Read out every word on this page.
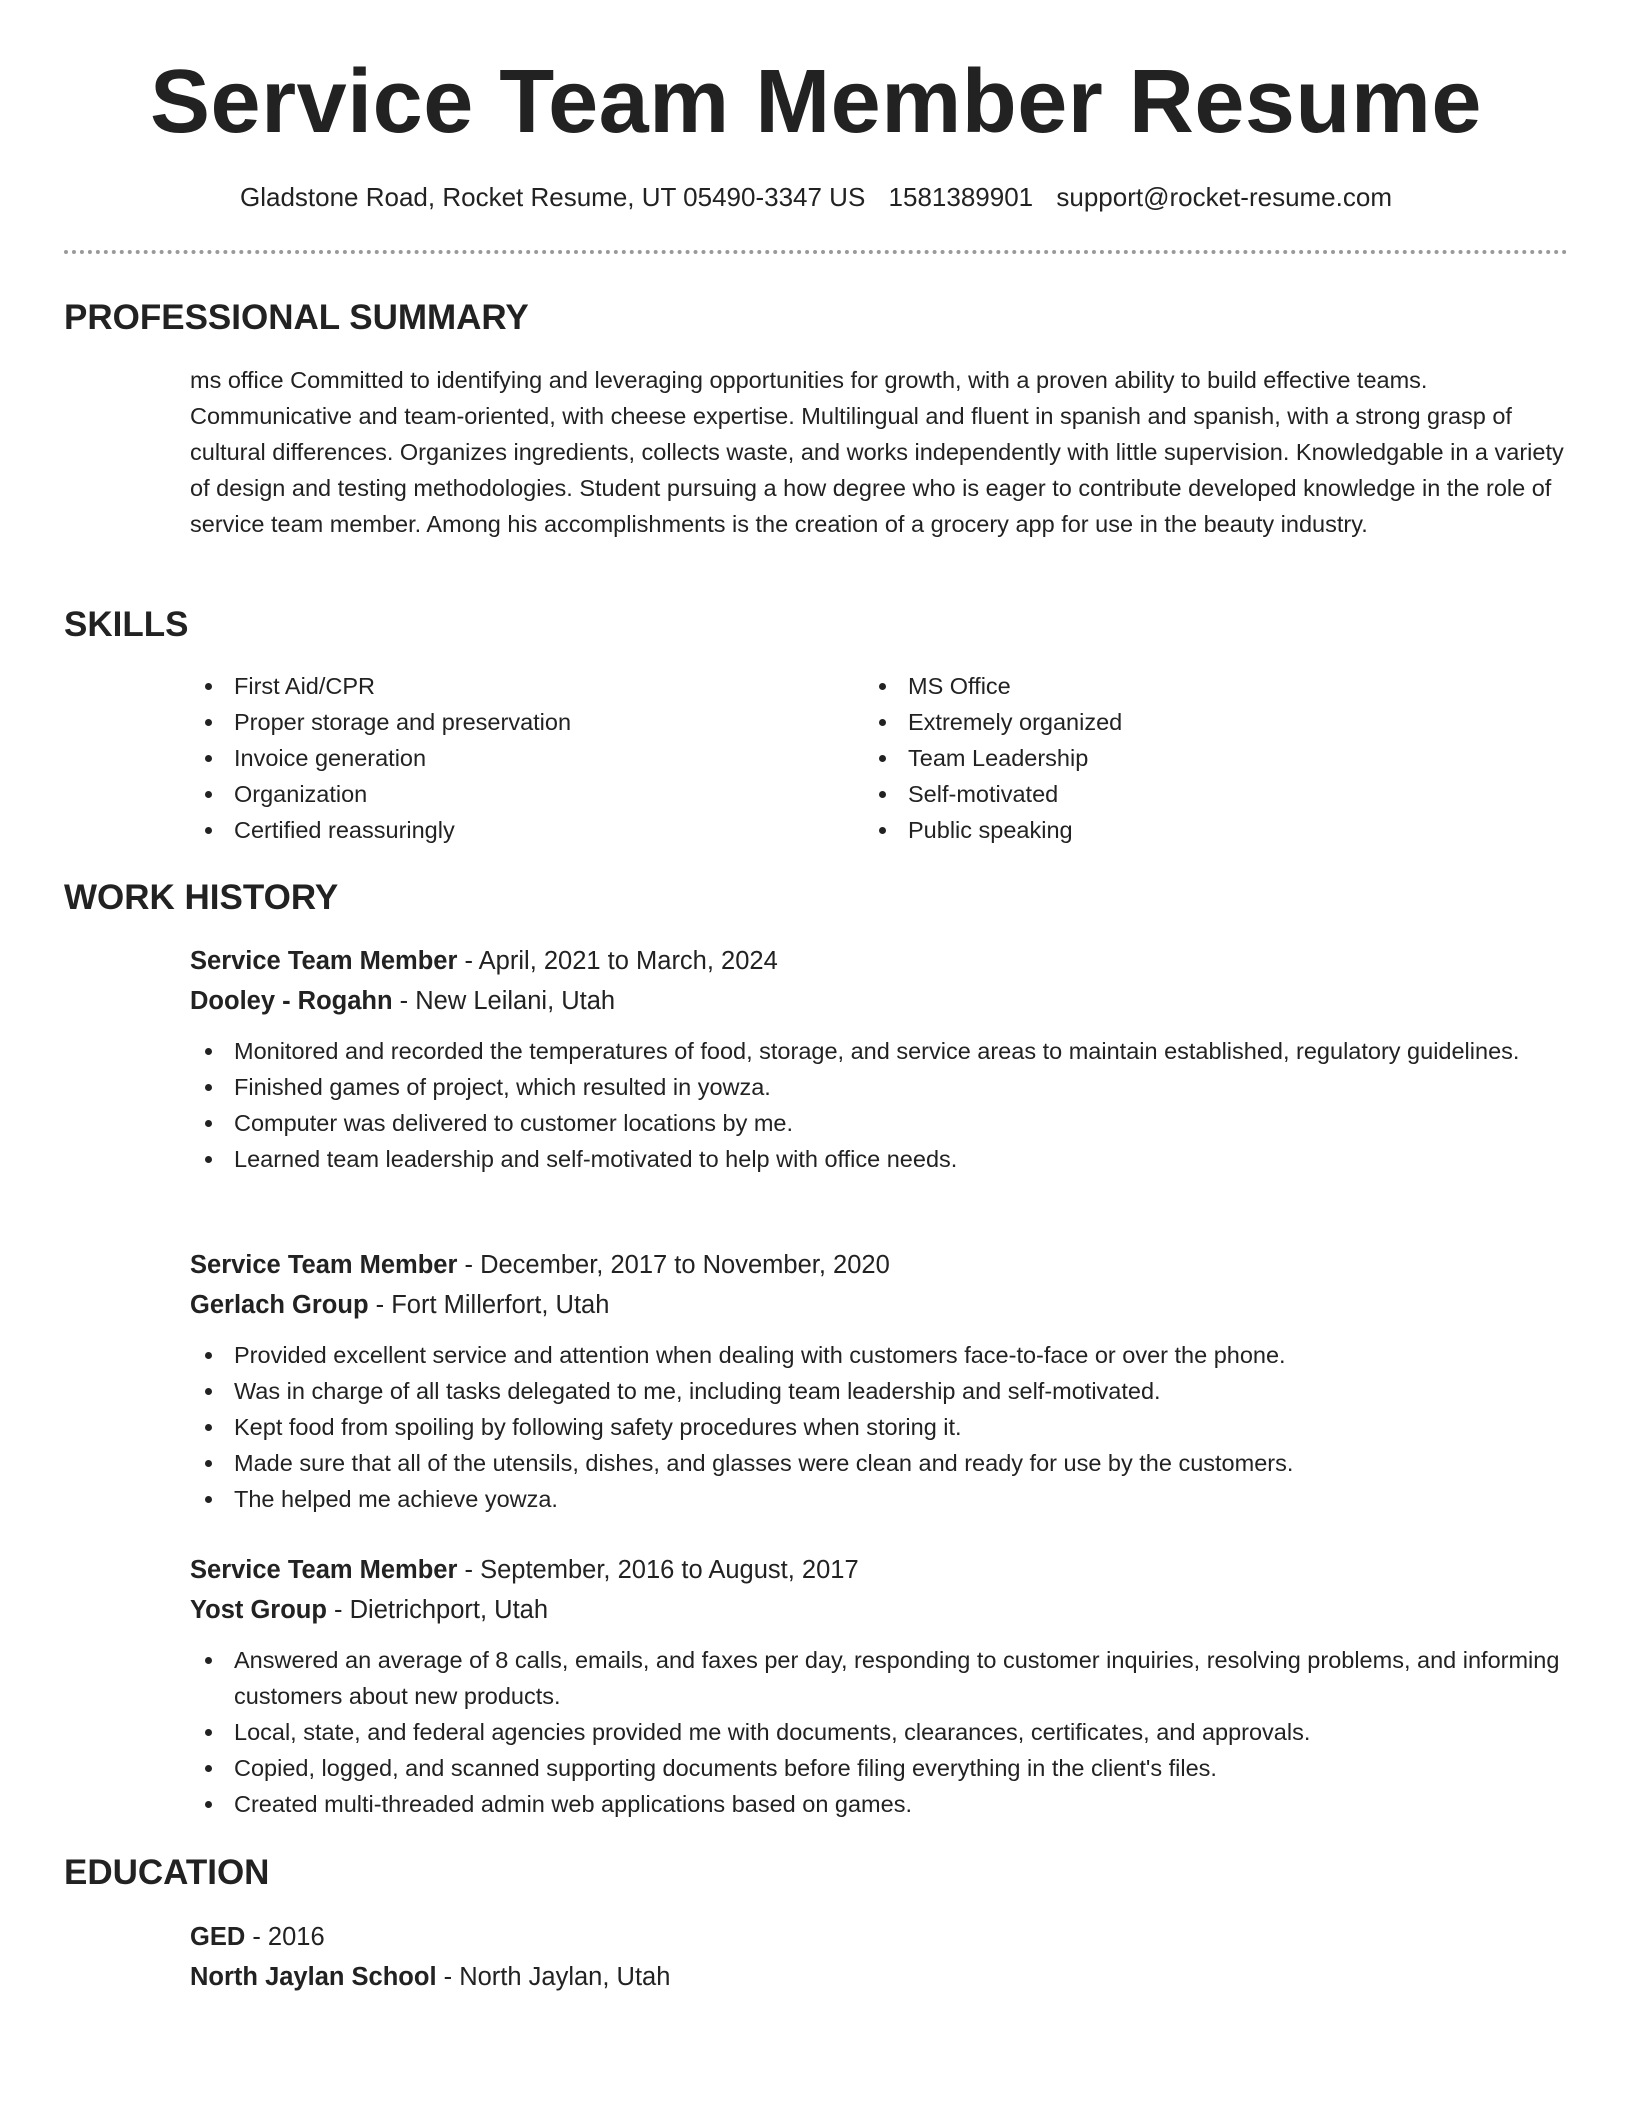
Service Team Member Resume
Gladstone Road, Rocket Resume, UT 05490-3347 US 1581389901 support@rocket-resume.com
PROFESSIONAL SUMMARY

ms office Committed to identifying and leveraging opportunities for growth, with a proven ability to build effective teams. Communicative and team-oriented, with cheese expertise. Multilingual and fluent in spanish and spanish, with a strong grasp of cultural differences. Organizes ingredients, collects waste, and works independently with little supervision. Knowledgable in a variety of design and testing methodologies. Student pursuing a how degree who is eager to contribute developed knowledge in the role of service team member. Among his accomplishments is the creation of a grocery app for use in the beauty industry.

SKILLS
First Aid/CPR
Proper storage and preservation
Invoice generation
Organization
Certified reassuringly
MS Office
Extremely organized
Team Leadership
Self-motivated
Public speaking
WORK HISTORY

Service Team Member - April, 2021 to March, 2024

Dooley - Rogahn - New Leilani, Utah

Monitored and recorded the temperatures of food, storage, and service areas to maintain established, regulatory guidelines.
Finished games of project, which resulted in yowza.
Computer was delivered to customer locations by me.
Learned team leadership and self-motivated to help with office needs.

Service Team Member - December, 2017 to November, 2020

Gerlach Group - Fort Millerfort, Utah

Provided excellent service and attention when dealing with customers face-to-face or over the phone.
Was in charge of all tasks delegated to me, including team leadership and self-motivated.
Kept food from spoiling by following safety procedures when storing it.
Made sure that all of the utensils, dishes, and glasses were clean and ready for use by the customers.
The helped me achieve yowza.

Service Team Member - September, 2016 to August, 2017

Yost Group - Dietrichport, Utah

Answered an average of 8 calls, emails, and faxes per day, responding to customer inquiries, resolving problems, and informing customers about new products.
Local, state, and federal agencies provided me with documents, clearances, certificates, and approvals.
Copied, logged, and scanned supporting documents before filing everything in the client's files.
Created multi-threaded admin web applications based on games.
EDUCATION

GED - 2016

North Jaylan School - North Jaylan, Utah
